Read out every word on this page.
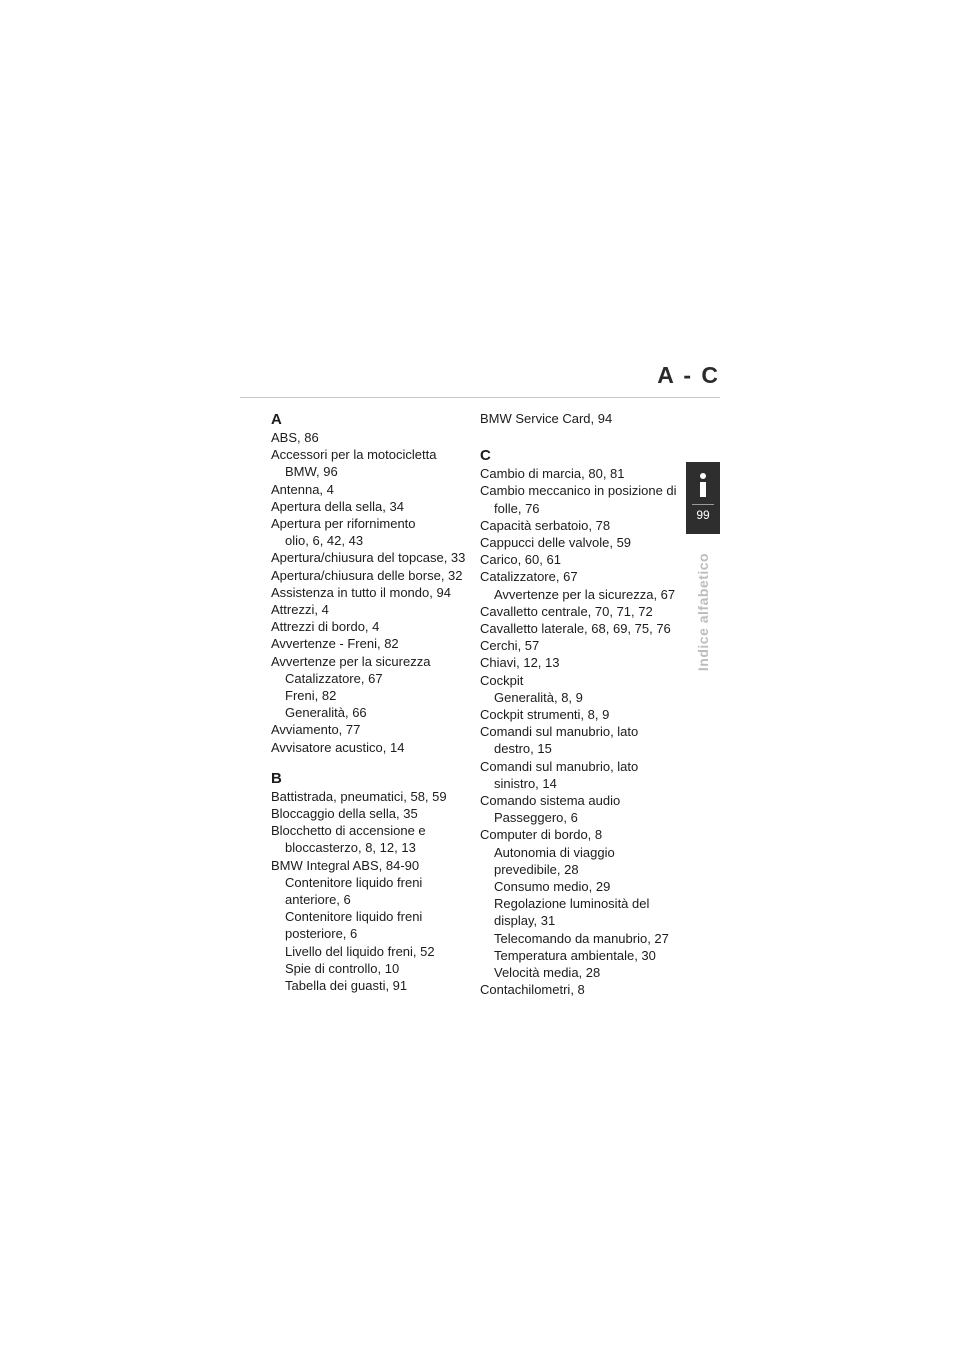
A - C
99
Indice alfabetico
A
ABS, 86
Accessori per la motocicletta
BMW, 96
Antenna, 4
Apertura della sella, 34
Apertura per rifornimento
olio, 6, 42, 43
Apertura/chiusura del topcase, 33
Apertura/chiusura delle borse, 32
Assistenza in tutto il mondo, 94
Attrezzi, 4
Attrezzi di bordo, 4
Avvertenze - Freni, 82
Avvertenze per la sicurezza
Catalizzatore, 67
Freni, 82
Generalità, 66
Avviamento, 77
Avvisatore acustico, 14
B
Battistrada, pneumatici, 58, 59
Bloccaggio della sella, 35
Blocchetto di accensione e
bloccasterzo, 8, 12, 13
BMW Integral ABS, 84-90
Contenitore liquido freni
anteriore, 6
Contenitore liquido freni
posteriore, 6
Livello del liquido freni, 52
Spie di controllo, 10
Tabella dei guasti, 91
BMW Service Card, 94
C
Cambio di marcia, 80, 81
Cambio meccanico in posizione di
folle, 76
Capacità serbatoio, 78
Cappucci delle valvole, 59
Carico, 60, 61
Catalizzatore, 67
Avvertenze per la sicurezza, 67
Cavalletto centrale, 70, 71, 72
Cavalletto laterale, 68, 69, 75, 76
Cerchi, 57
Chiavi, 12, 13
Cockpit
Generalità, 8, 9
Cockpit strumenti, 8, 9
Comandi sul manubrio, lato
destro, 15
Comandi sul manubrio, lato
sinistro, 14
Comando sistema audio
Passeggero, 6
Computer di bordo, 8
Autonomia di viaggio
prevedibile, 28
Consumo medio, 29
Regolazione luminosità del
display, 31
Telecomando da manubrio, 27
Temperatura ambientale, 30
Velocità media, 28
Contachilometri, 8
